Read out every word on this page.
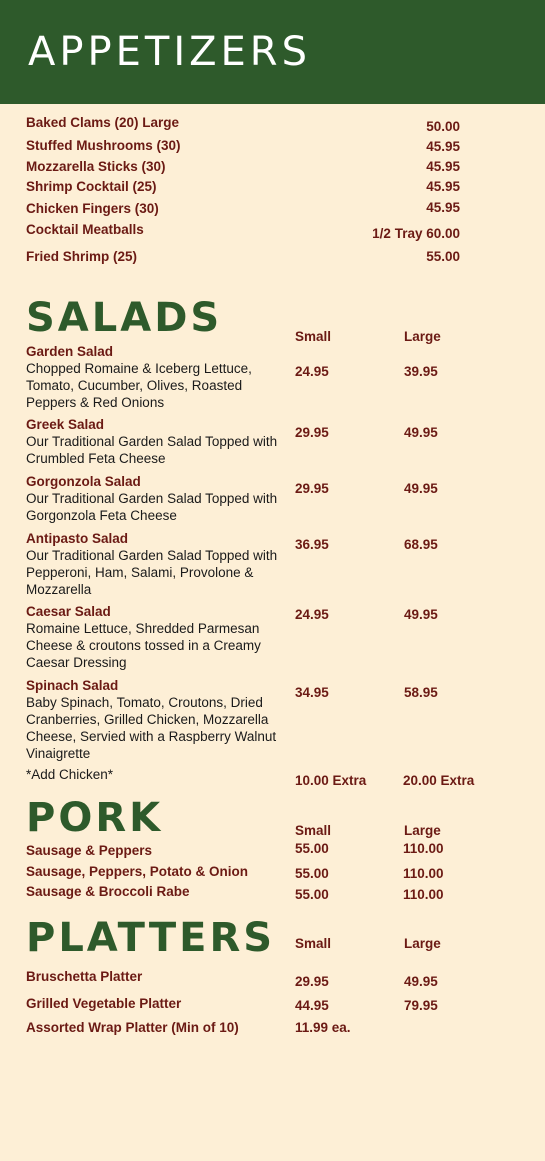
APPETIZERS
Baked Clams (20) Large	50.00
Stuffed Mushrooms (30)	45.95
Mozzarella Sticks (30)	45.95
Shrimp Cocktail (25)	45.95
Chicken Fingers (30)	45.95
Cocktail Meatballs	1/2 Tray 60.00
Fried Shrimp (25)	55.00
SALADS	Small	Large
Garden Salad
Chopped Romaine & Iceberg Lettuce, Tomato, Cucumber, Olives, Roasted Peppers & Red Onions
24.95	39.95
Greek Salad
Our Traditional Garden Salad Topped with Crumbled Feta Cheese
29.95	49.95
Gorgonzola Salad
Our Traditional Garden Salad Topped with Gorgonzola Feta Cheese
29.95	49.95
Antipasto Salad
Our Traditional Garden Salad Topped with Pepperoni, Ham, Salami, Provolone & Mozzarella
36.95	68.95
Caesar Salad
Romaine Lettuce, Shredded Parmesan Cheese & croutons tossed in a Creamy Caesar Dressing
24.95	49.95
Spinach Salad
Baby Spinach, Tomato, Croutons, Dried Cranberries, Grilled Chicken, Mozzarella Cheese, Servied with a Raspberry Walnut Vinaigrette
34.95	58.95
*Add Chicken*	10.00 Extra	20.00 Extra
PORK	Small	Large
Sausage & Peppers	55.00	110.00
Sausage, Peppers, Potato & Onion	55.00	110.00
Sausage & Broccoli Rabe	55.00	110.00
PLATTERS Small	Large
Bruschetta Platter	29.95	49.95
Grilled Vegetable Platter	44.95	79.95
Assorted Wrap Platter (Min of 10)	11.99 ea.
